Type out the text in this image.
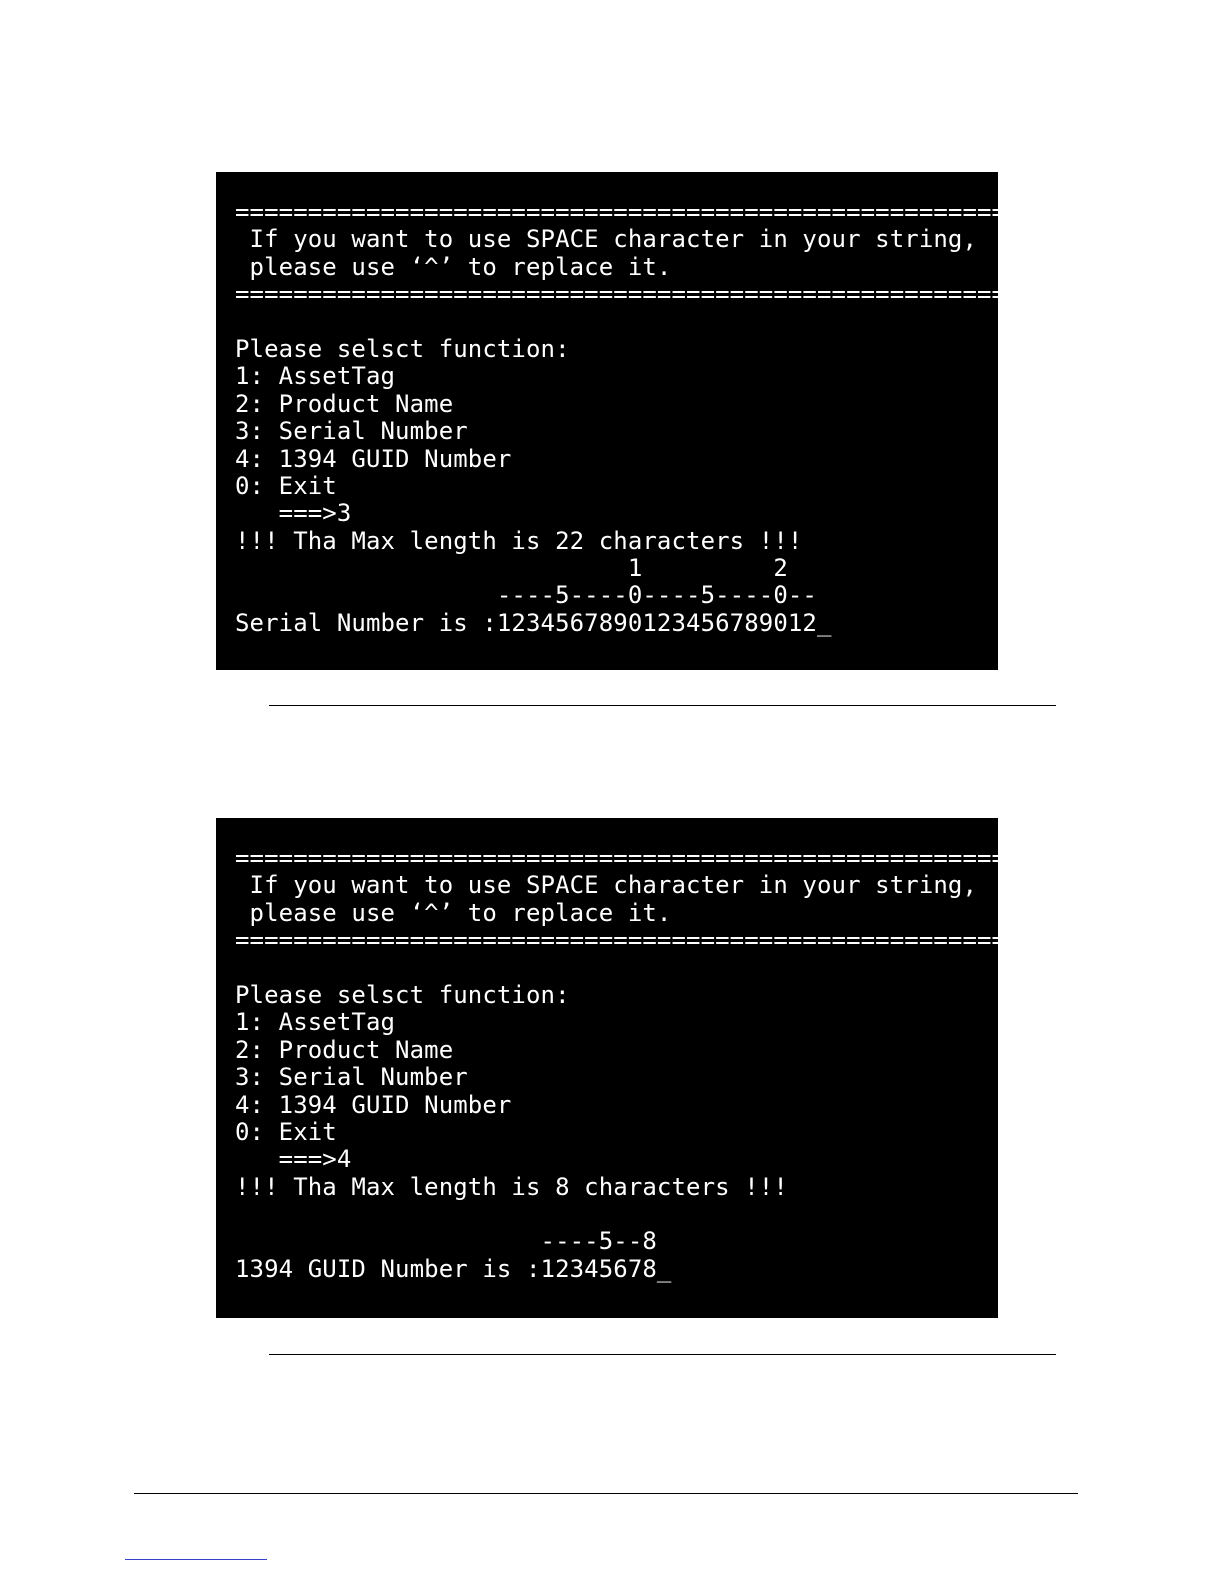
=====================================================
If you want to use SPACE character in your string,
please use ‘^’ to replace it.
=====================================================
Please selsct function:
1: AssetTag
2: Product Name
3: Serial Number
4: 1394 GUID Number
0: Exit
===>3
!!! Tha Max length is 22 characters !!!
1         2
----5----0----5----0--
Serial Number is :1234567890123456789012_
=====================================================
If you want to use SPACE character in your string,
please use ‘^’ to replace it.
=====================================================
Please selsct function:
1: AssetTag
2: Product Name
3: Serial Number
4: 1394 GUID Number
0: Exit
===>4
!!! Tha Max length is 8 characters !!!
----5--8
1394 GUID Number is :12345678_
